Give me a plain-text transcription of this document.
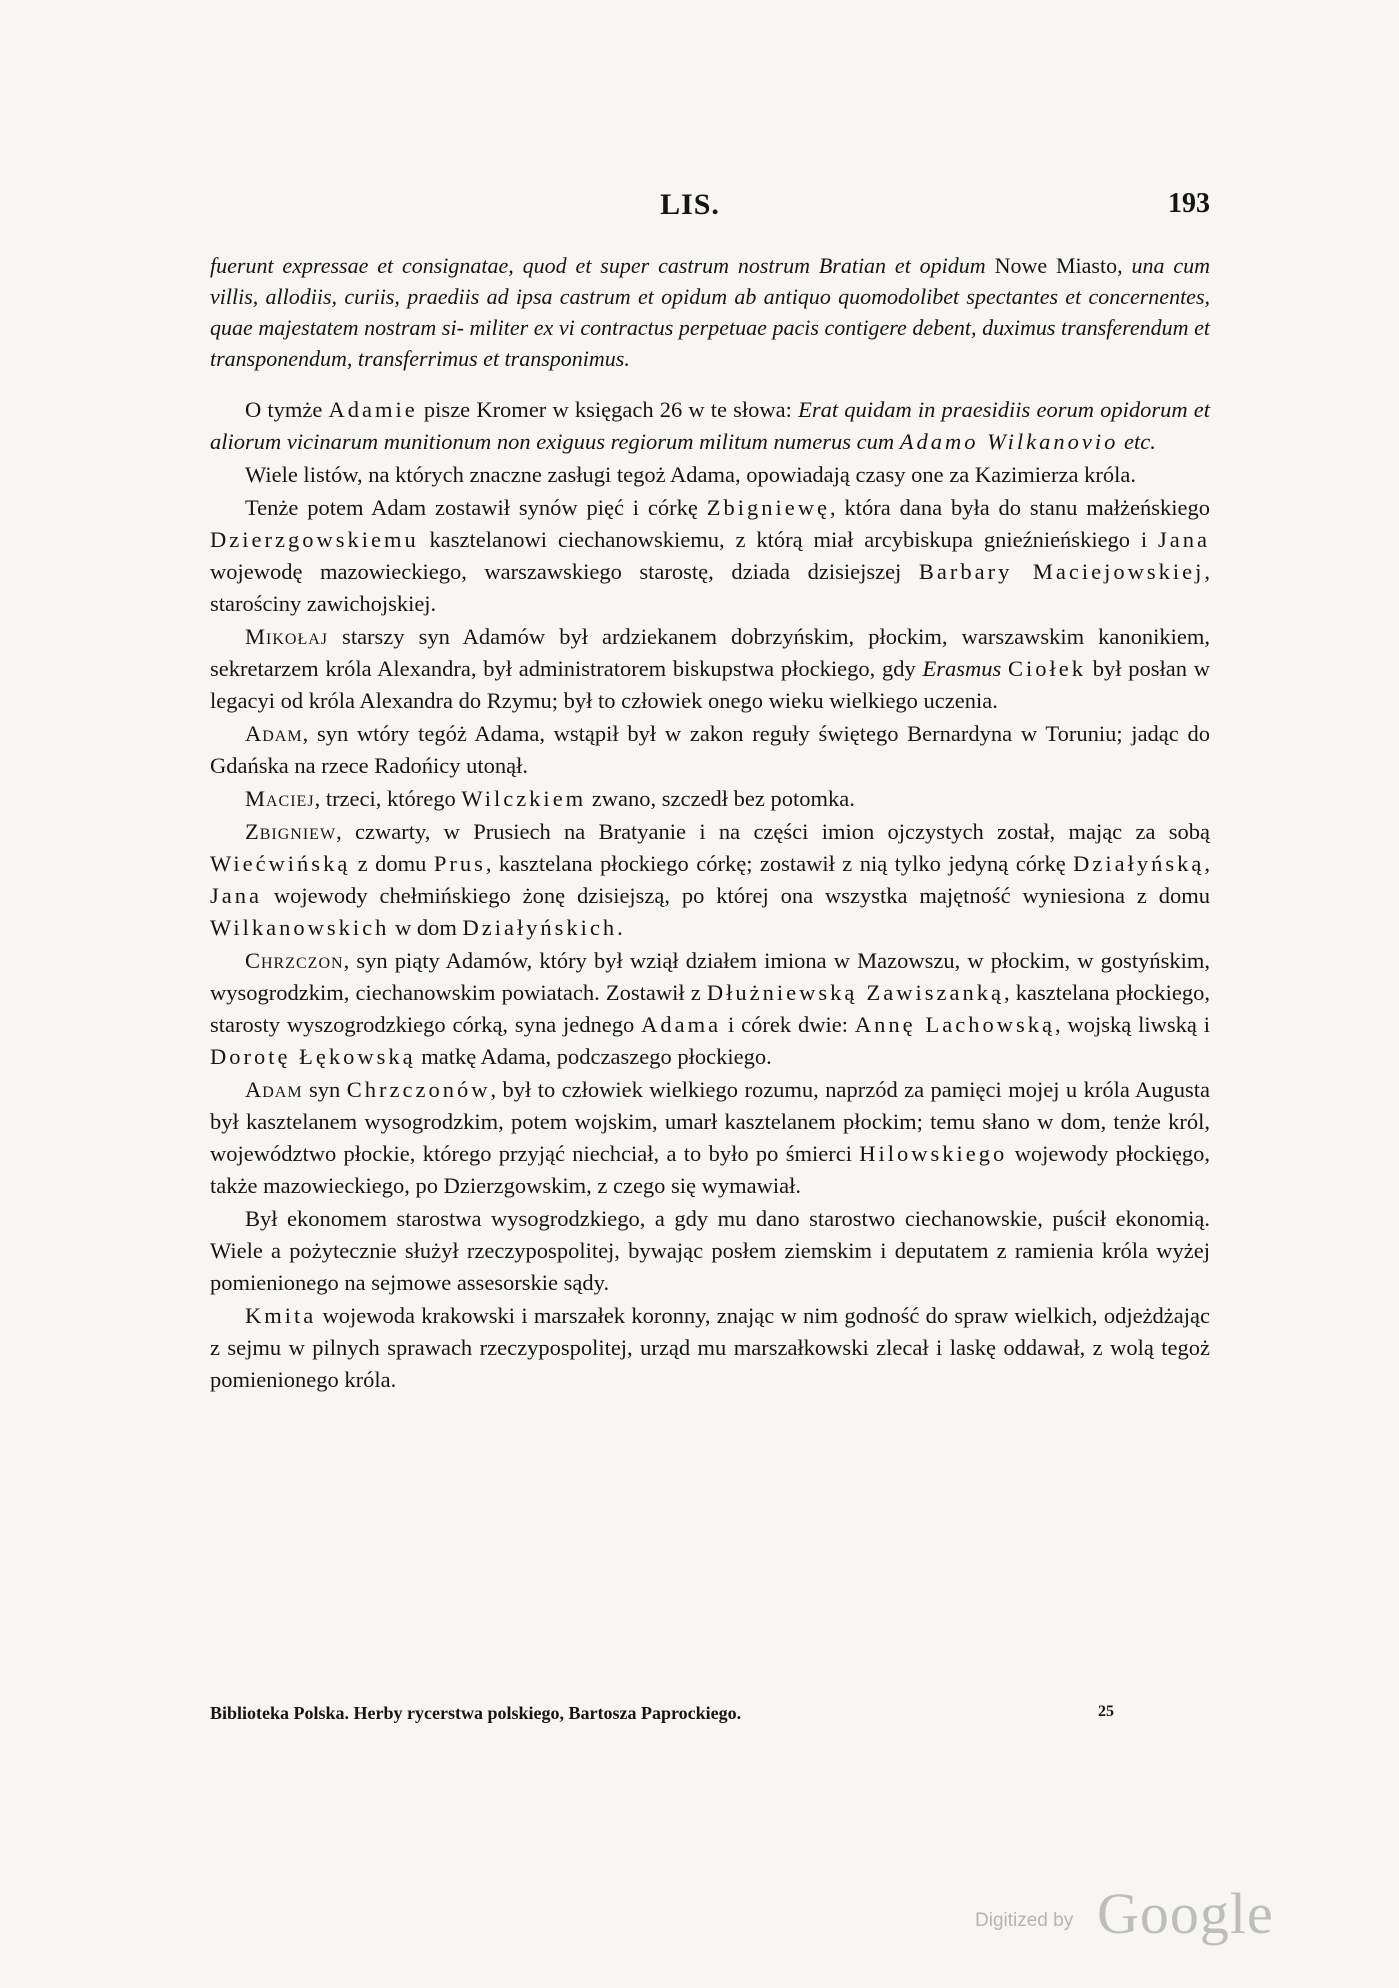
LIS.	193
fuerunt expressae et consignatae, quod et super castrum nostrum Bratian et opidum Nowe Miasto, una cum villis, allodiis, curiis, praediis ad ipsa castrum et opidum ab antiquo quomodolibet spectantes et concernentes, quae majestatem nostram si- militer ex vi contractus perpetuae pacis contigere debent, duximus transferendum et transponendum, transferrimus et transponimus.

O tymże Adamie pisze Kromer w księgach 26 w te słowa: Erat quidam in praesidiis eorum opidorum et aliorum vicinarum munitionum non exiguus regiorum militum numerus cum Adamo Wilkanovio etc.

Wiele listów, na których znaczne zasługi tegoż Adama, opowiadają czasy one za Kazimierza króla.

Tenże potem Adam zostawił synów pięć i córkę Zbigniewę, która dana była do stanu małżeńskiego Dzierzgowskiemu kasztelanowi ciechanowskiemu, z którą miał arcybiskupa gnieźnieńskiego i Jana wojewodę mazowieckiego, warszawskiego starostę, dziada dzisiejszej Barbary Maciejowskiej, starościny zawichojskiej.

Mikołaj starszy syn Adamów był ardziekanem dobrzyńskim, płockim, warszawskim kanonikiem, sekretarzem króla Alexandra, był administratorem biskupstwa płockiego, gdy Erasmus Ciołek był posłan w legacyi od króla Alexandra do Rzymu; był to człowiek onego wieku wielkiego uczenia.

Adam, syn wtóry tegóż Adama, wstąpił był w zakon reguły świętego Bernardyna w Toruniu; jadąc do Gdańska na rzece Radońicy utonął.

Maciej, trzeci, którego Wilczkiem zwano, szczedł bez potomka.

Zbigniew, czwarty, w Prusiech na Bratyanie i na części imion ojczystych został, mając za sobą Wiećwińską z domu Prus, kasztelana płockiego córkę; zostawił z nią tylko jedyną córkę Działyńską, Jana wojewody chełmińskiego żonę dzisiejszą, po której ona wszystka majętność wyniesiona z domu Wilkanowskich w dom Działyńskich.

Chrzczon, syn piąty Adamów, który był wziął działem imiona w Mazowszu, w płockim, w gostyńskim, wysogrodzkim, ciechanowskim powiatach. Zostawił z Dłużniewską Zawiszanką, kasztelana płockiego, starosty wyszogrodzkiego córką, syna jednego Adama i córek dwie: Annę Lachowską, wojską liwską i Dorotę Łękowską matkę Adama, podczaszego płockiego.

Adam syn Chrzczonów, był to człowiek wielkiego rozumu, naprzód za pamięci mojej u króla Augusta był kasztelanem wysogrodzkim, potem wojskim, umarł kasztelanem płockim; temu słano w dom, tenże król, województwo płockie, którego przyjąć niechciał, a to było po śmierci Hilowskiego wojewody płockięgo, także mazowieckiego, po Dzierzgowskim, z czego się wymawiał.

Był ekonomem starostwa wysogrodzkiego, a gdy mu dano starostwo ciechanowskie, puścił ekonomią. Wiele a pożytecznie służył rzeczypospolitej, bywając posłem ziemskim i deputatem z ramienia króla wyżej pomienionego na sejmowe assesorskie sądy.

Kmita wojewoda krakowski i marszałek koronny, znając w nim godność do spraw wielkich, odjeżdżając z sejmu w pilnych sprawach rzeczypospolitej, urząd mu marszałkowski zlecał i laskę oddawał, z wolą tegoż pomienionego króla.

Biblioteka Polska. Herby rycerstwa polskiego, Bartosza Paprockiego.	25
Digitized by Google
